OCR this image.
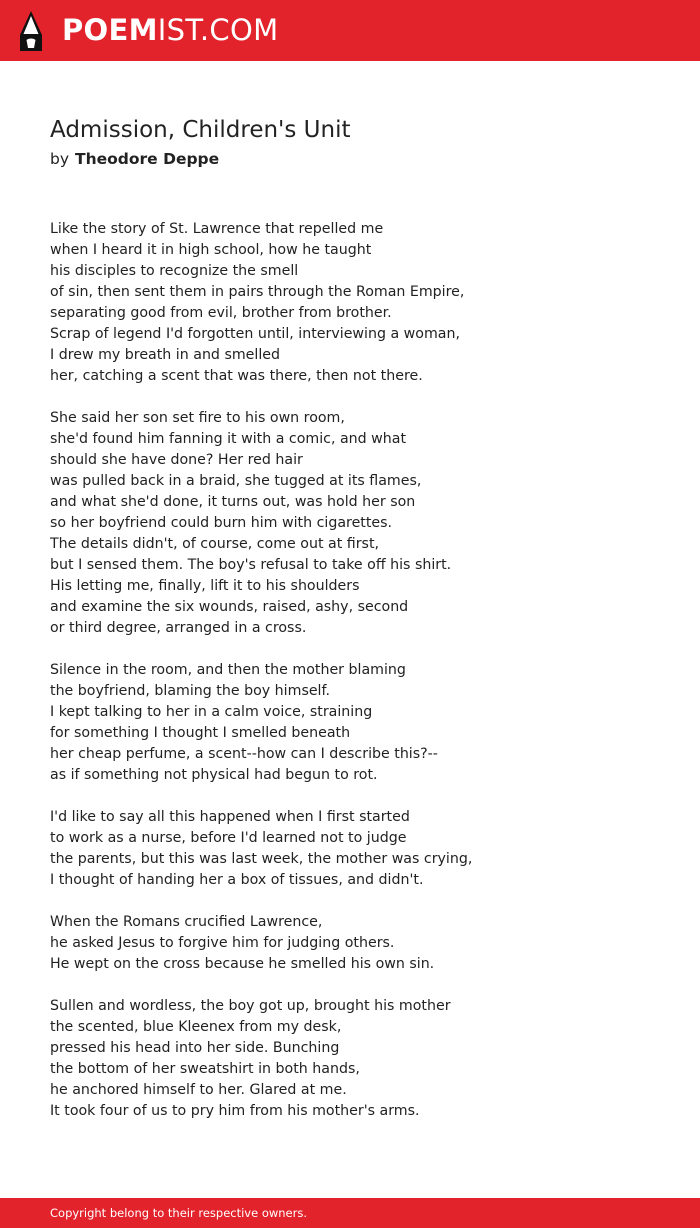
POEMIST.COM
Admission, Children's Unit
by Theodore Deppe
Like the story of St. Lawrence that repelled me
when I heard it in high school, how he taught
his disciples to recognize the smell
of sin, then sent them in pairs through the Roman Empire,
separating good from evil, brother from brother.
Scrap of legend I'd forgotten until, interviewing a woman,
I drew my breath in and smelled
her, catching a scent that was there, then not there.
She said her son set fire to his own room,
she'd found him fanning it with a comic, and what
should she have done? Her red hair
was pulled back in a braid, she tugged at its flames,
and what she'd done, it turns out, was hold her son
so her boyfriend could burn him with cigarettes.
The details didn't, of course, come out at first,
but I sensed them. The boy's refusal to take off his shirt.
His letting me, finally, lift it to his shoulders
and examine the six wounds, raised, ashy, second
or third degree, arranged in a cross.
Silence in the room, and then the mother blaming
the boyfriend, blaming the boy himself.
I kept talking to her in a calm voice, straining
for something I thought I smelled beneath
her cheap perfume, a scent--how can I describe this?--
as if something not physical had begun to rot.
I'd like to say all this happened when I first started
to work as a nurse, before I'd learned not to judge
the parents, but this was last week, the mother was crying,
I thought of handing her a box of tissues, and didn't.
When the Romans crucified Lawrence,
he asked Jesus to forgive him for judging others.
He wept on the cross because he smelled his own sin.
Sullen and wordless, the boy got up, brought his mother
the scented, blue Kleenex from my desk,
pressed his head into her side. Bunching
the bottom of her sweatshirt in both hands,
he anchored himself to her. Glared at me.
It took four of us to pry him from his mother's arms.
Copyright belong to their respective owners.
